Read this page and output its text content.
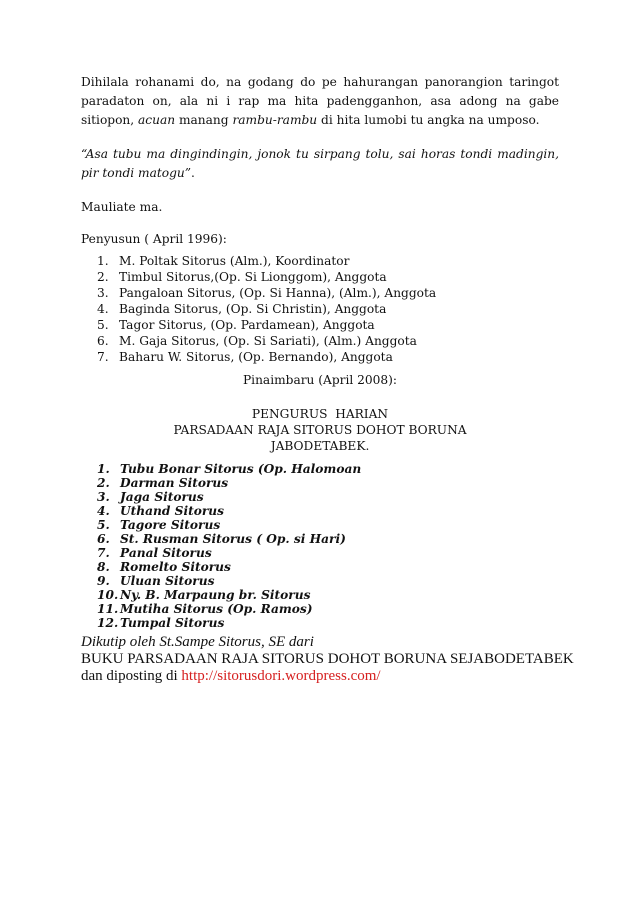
Dihilala rohanami do, na godang do pe hahurangan panorangion taringot paradaton on, ala ni i rap ma hita padengganhon, asa adong na gabe sitiopon, acuan manang rambu-rambu di hita lumobi tu angka na umposo.

“Asa tubu ma dingindingin, jonok tu sirpang tolu, sai horas tondi madingin, pir tondi matogu”.

Mauliate ma.

Penyusun ( April 1996):

1. M. Poltak Sitorus (Alm.), Koordinator
2. Timbul Sitorus,(Op. Si Lionggom), Anggota
3. Pangaloan Sitorus, (Op. Si Hanna), (Alm.), Anggota
4. Baginda Sitorus, (Op. Si Christin), Anggota
5. Tagor Sitorus, (Op. Pardamean), Anggota
6. M. Gaja Sitorus, (Op. Si Sariati), (Alm.) Anggota
7. Baharu W. Sitorus, (Op. Bernando), Anggota
Pinaimbaru (April 2008):
PENGURUS  HARIAN
PARSADAAN RAJA SITORUS DOHOT BORUNA
JABODETABEK.
1. Tubu Bonar Sitorus (Op. Halomoan
2. Darman Sitorus
3. Jaga Sitorus
4. Uthand Sitorus
5. Tagore Sitorus
6. St. Rusman Sitorus ( Op. si Hari)
7. Panal Sitorus
8. Romelto Sitorus
9. Uluan Sitorus
10. Ny. B. Marpaung br. Sitorus
11. Mutiha Sitorus (Op. Ramos)
12. Tumpal Sitorus
Dikutip oleh St.Sampe Sitorus, SE dari
BUKU PARSADAAN RAJA SITORUS DOHOT BORUNA SEJABODETABEK
dan diposting di http://sitorusdori.wordpress.com/
